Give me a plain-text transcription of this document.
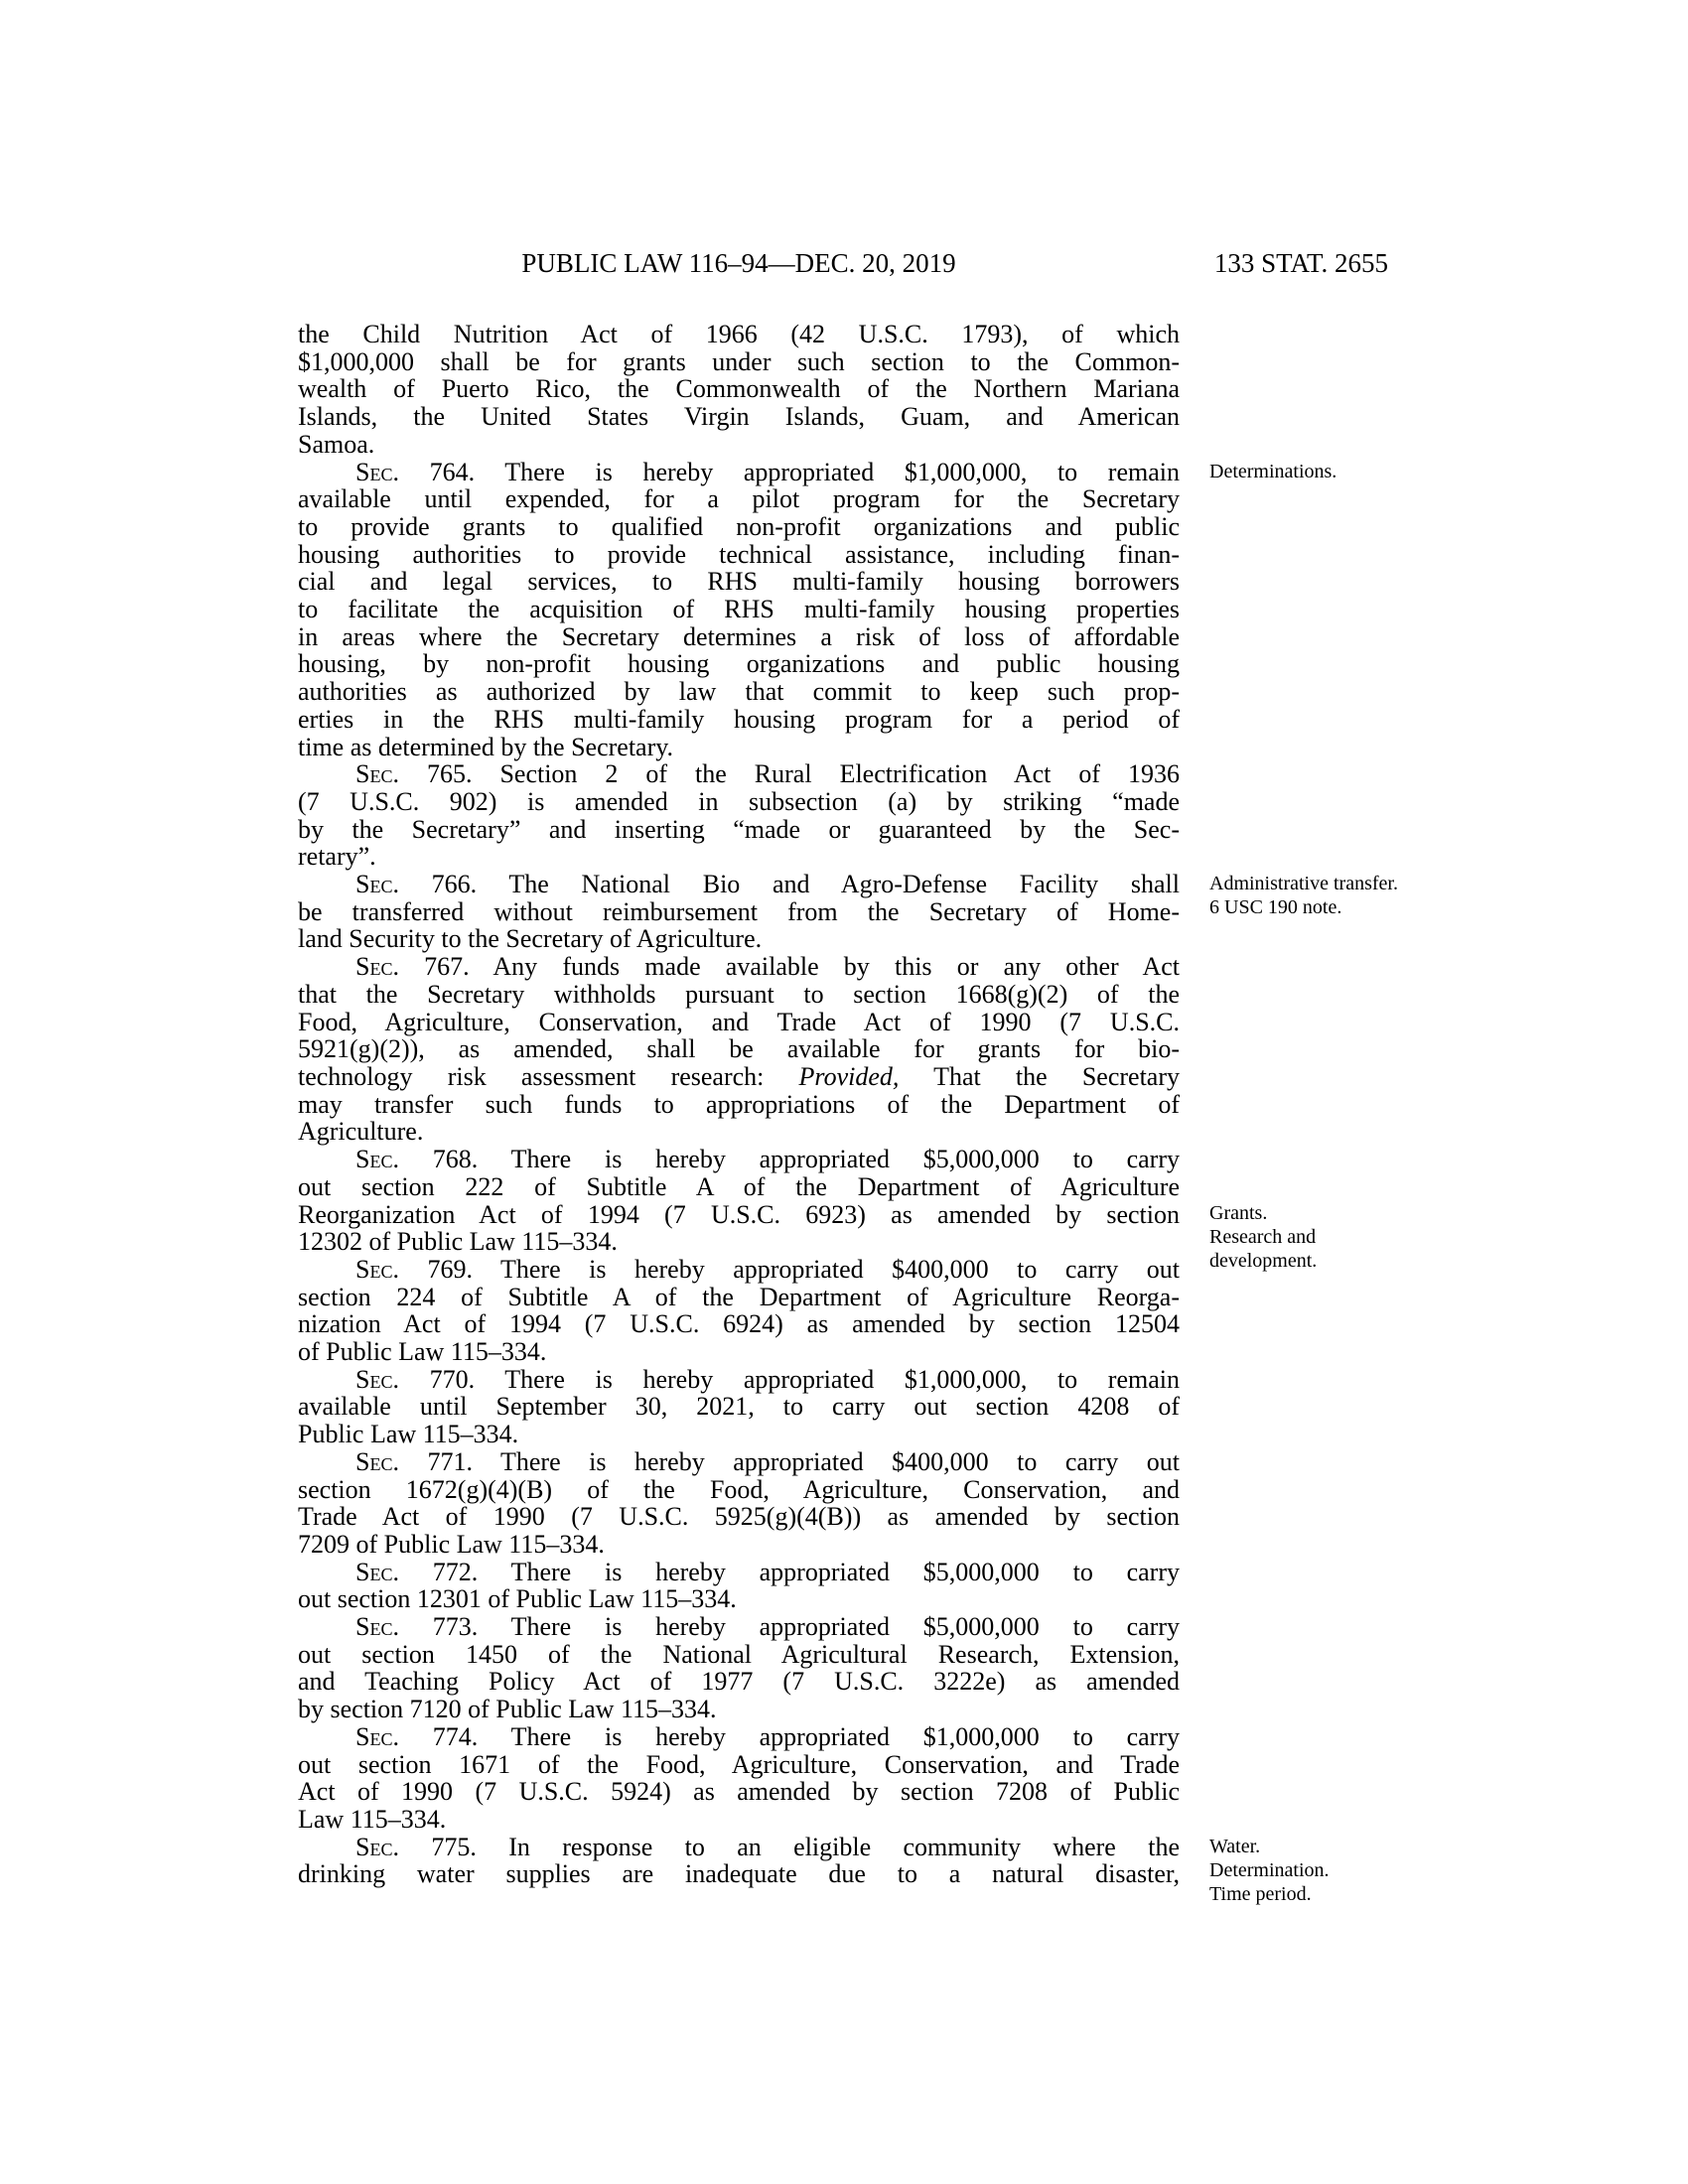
PUBLIC LAW 116–94—DEC. 20, 2019	133 STAT. 2655
the Child Nutrition Act of 1966 (42 U.S.C. 1793), of which
$1,000,000 shall be for grants under such section to the Common-
wealth of Puerto Rico, the Commonwealth of the Northern Mariana
Islands, the United States Virgin Islands, Guam, and American
Samoa.
Sec. 764. There is hereby appropriated $1,000,000, to remain
available until expended, for a pilot program for the Secretary
to provide grants to qualified non-profit organizations and public
housing authorities to provide technical assistance, including finan-
cial and legal services, to RHS multi-family housing borrowers
to facilitate the acquisition of RHS multi-family housing properties
in areas where the Secretary determines a risk of loss of affordable
housing, by non-profit housing organizations and public housing
authorities as authorized by law that commit to keep such prop-
erties in the RHS multi-family housing program for a period of
time as determined by the Secretary.
Determinations.
Sec. 765. Section 2 of the Rural Electrification Act of 1936
(7 U.S.C. 902) is amended in subsection (a) by striking “made
by the Secretary” and inserting “made or guaranteed by the Sec-
retary”.
Sec. 766. The National Bio and Agro-Defense Facility shall
be transferred without reimbursement from the Secretary of Home-
land Security to the Secretary of Agriculture.
Administrative transfer.
6 USC 190 note.
Sec. 767. Any funds made available by this or any other Act
that the Secretary withholds pursuant to section 1668(g)(2) of the
Food, Agriculture, Conservation, and Trade Act of 1990 (7 U.S.C.
5921(g)(2)), as amended, shall be available for grants for bio-
technology risk assessment research: Provided, That the Secretary
may transfer such funds to appropriations of the Department of
Agriculture.
Sec. 768. There is hereby appropriated $5,000,000 to carry
out section 222 of Subtitle A of the Department of Agriculture
Reorganization Act of 1994 (7 U.S.C. 6923) as amended by section
12302 of Public Law 115–334.
Grants.
Research and development.
Sec. 769. There is hereby appropriated $400,000 to carry out
section 224 of Subtitle A of the Department of Agriculture Reorga-
nization Act of 1994 (7 U.S.C. 6924) as amended by section 12504
of Public Law 115–334.
Sec. 770. There is hereby appropriated $1,000,000, to remain
available until September 30, 2021, to carry out section 4208 of
Public Law 115–334.
Sec. 771. There is hereby appropriated $400,000 to carry out
section 1672(g)(4)(B) of the Food, Agriculture, Conservation, and
Trade Act of 1990 (7 U.S.C. 5925(g)(4(B)) as amended by section
7209 of Public Law 115–334.
Sec. 772. There is hereby appropriated $5,000,000 to carry
out section 12301 of Public Law 115–334.
Sec. 773. There is hereby appropriated $5,000,000 to carry
out section 1450 of the National Agricultural Research, Extension,
and Teaching Policy Act of 1977 (7 U.S.C. 3222e) as amended
by section 7120 of Public Law 115–334.
Sec. 774. There is hereby appropriated $1,000,000 to carry
out section 1671 of the Food, Agriculture, Conservation, and Trade
Act of 1990 (7 U.S.C. 5924) as amended by section 7208 of Public
Law 115–334.
Sec. 775. In response to an eligible community where the
drinking water supplies are inadequate due to a natural disaster,
Water.
Determination.
Time period.
